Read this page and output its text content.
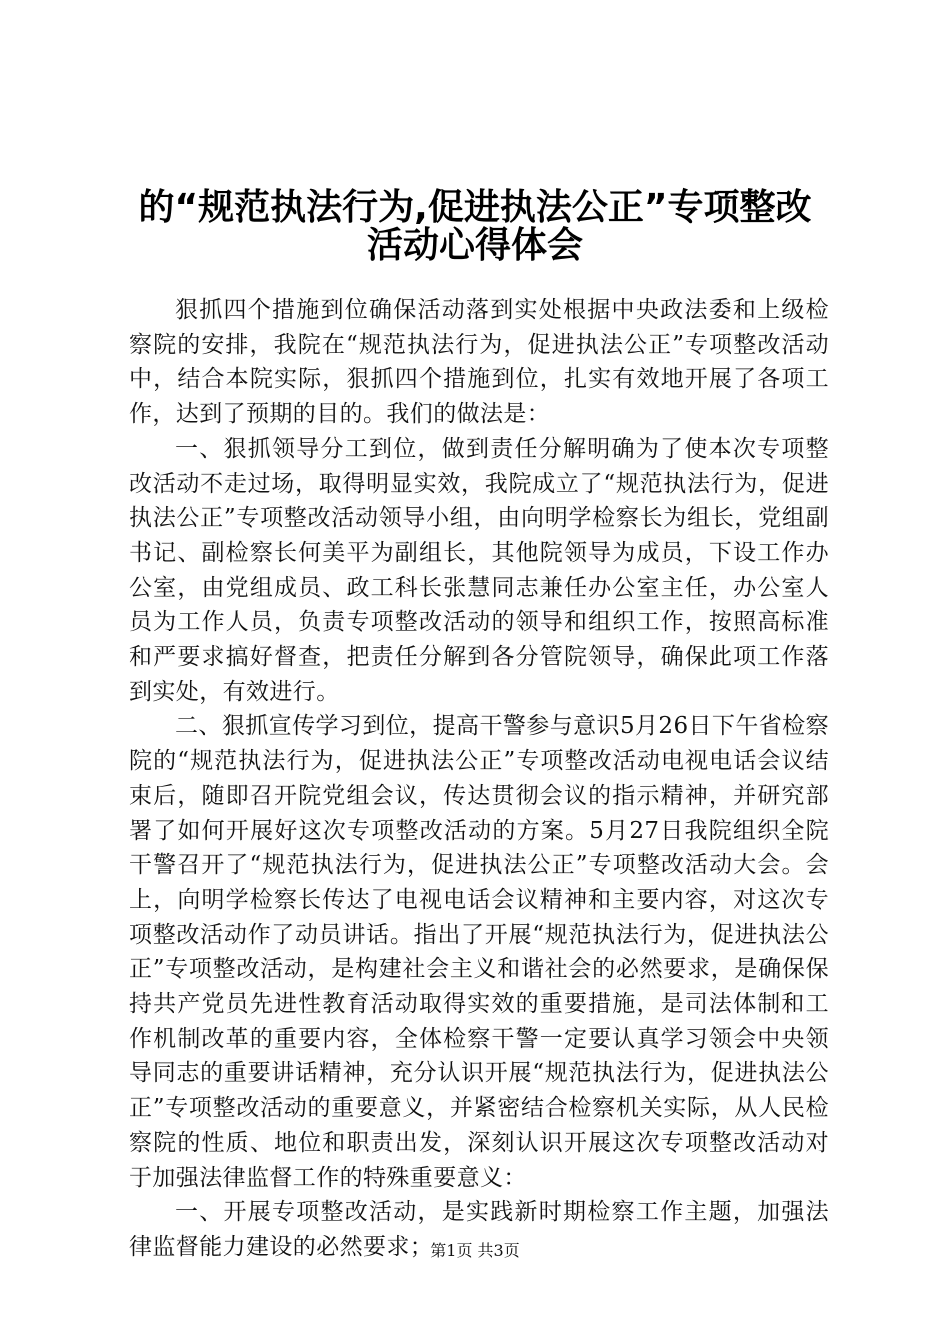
的“规范执法行为,促进执法公正”专项整改
活动心得体会

狠抓四个措施到位确保活动落到实处根据中央政法委和上级检察院的安排，我院在“规范执法行为，促进执法公正”专项整改活动中，结合本院实际，狠抓四个措施到位，扎实有效地开展了各项工作，达到了预期的目的。我们的做法是：

一、狠抓领导分工到位，做到责任分解明确为了使本次专项整改活动不走过场，取得明显实效，我院成立了“规范执法行为，促进执法公正”专项整改活动领导小组，由向明学检察长为组长，党组副书记、副检察长何美平为副组长，其他院领导为成员，下设工作办公室，由党组成员、政工科长张慧同志兼任办公室主任，办公室人员为工作人员，负责专项整改活动的领导和组织工作，按照高标准和严要求搞好督查，把责任分解到各分管院领导，确保此项工作落到实处，有效进行。

二、狠抓宣传学习到位，提高干警参与意识5月26日下午省检察院的“规范执法行为，促进执法公正”专项整改活动电视电话会议结束后，随即召开院党组会议，传达贯彻会议的指示精神，并研究部署了如何开展好这次专项整改活动的方案。5月27日我院组织全院干警召开了“规范执法行为，促进执法公正”专项整改活动大会。会上，向明学检察长传达了电视电话会议精神和主要内容，对这次专项整改活动作了动员讲话。指出了开展“规范执法行为，促进执法公正”专项整改活动，是构建社会主义和谐社会的必然要求，是确保保持共产党员先进性教育活动取得实效的重要措施，是司法体制和工作机制改革的重要内容，全体检察干警一定要认真学习领会中央领导同志的重要讲话精神，充分认识开展“规范执法行为，促进执法公正”专项整改活动的重要意义，并紧密结合检察机关实际，从人民检察院的性质、地位和职责出发，深刻认识开展这次专项整改活动对于加强法律监督工作的特殊重要意义：

一、开展专项整改活动，是实践新时期检察工作主题，加强法律监督能力建设的必然要求；

第1页 共3页
